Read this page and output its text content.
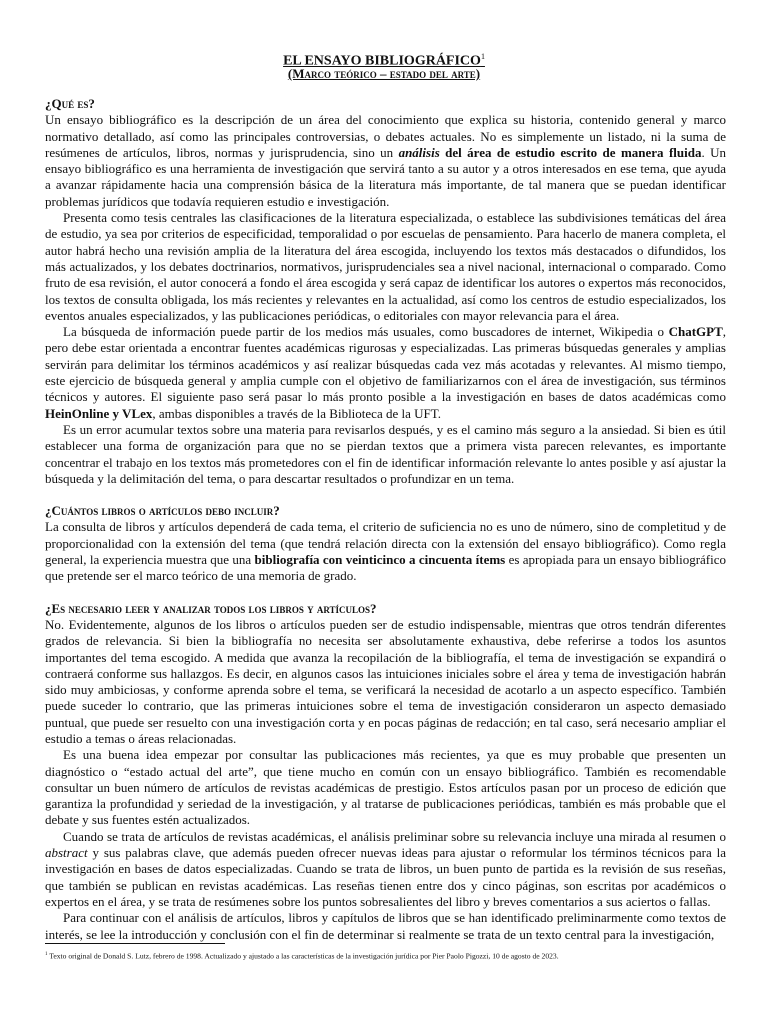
EL ENSAYO BIBLIOGRÁFICO$^1$
(Marco teórico – estado del arte)
¿Qué es?

Un ensayo bibliográfico es la descripción de un área del conocimiento que explica su historia, contenido general y marco normativo detallado, así como las principales controversias, o debates actuales. No es simplemente un listado, ni la suma de resúmenes de artículos, libros, normas y jurisprudencia, sino un análisis del área de estudio escrito de manera fluida. Un ensayo bibliográfico es una herramienta de investigación que servirá tanto a su autor y a otros interesados en ese tema, que ayuda a avanzar rápidamente hacia una comprensión básica de la literatura más importante, de tal manera que se puedan identificar problemas jurídicos que todavía requieren estudio e investigación.

Presenta como tesis centrales las clasificaciones de la literatura especializada, o establece las subdivisiones temáticas del área de estudio, ya sea por criterios de especificidad, temporalidad o por escuelas de pensamiento. Para hacerlo de manera completa, el autor habrá hecho una revisión amplia de la literatura del área escogida, incluyendo los textos más destacados o difundidos, los más actualizados, y los debates doctrinarios, normativos, jurisprudenciales sea a nivel nacional, internacional o comparado. Como fruto de esa revisión, el autor conocerá a fondo el área escogida y será capaz de identificar los autores o expertos más reconocidos, los textos de consulta obligada, los más recientes y relevantes en la actualidad, así como los centros de estudio especializados, los eventos anuales especializados, y las publicaciones periódicas, o editoriales con mayor relevancia para el área.

La búsqueda de información puede partir de los medios más usuales, como buscadores de internet, Wikipedia o ChatGPT, pero debe estar orientada a encontrar fuentes académicas rigurosas y especializadas. Las primeras búsquedas generales y amplias servirán para delimitar los términos académicos y así realizar búsquedas cada vez más acotadas y relevantes. Al mismo tiempo, este ejercicio de búsqueda general y amplia cumple con el objetivo de familiarizarnos con el área de investigación, sus términos técnicos y autores. El siguiente paso será pasar lo más pronto posible a la investigación en bases de datos académicas como HeinOnline y VLex, ambas disponibles a través de la Biblioteca de la UFT.

Es un error acumular textos sobre una materia para revisarlos después, y es el camino más seguro a la ansiedad. Si bien es útil establecer una forma de organización para que no se pierdan textos que a primera vista parecen relevantes, es importante concentrar el trabajo en los textos más prometedores con el fin de identificar información relevante lo antes posible y así ajustar la búsqueda y la delimitación del tema, o para descartar resultados o profundizar en un tema.

¿Cuántos libros o artículos debo incluir?

La consulta de libros y artículos dependerá de cada tema, el criterio de suficiencia no es uno de número, sino de completitud y de proporcionalidad con la extensión del tema (que tendrá relación directa con la extensión del ensayo bibliográfico). Como regla general, la experiencia muestra que una bibliografía con veinticinco a cincuenta ítems es apropiada para un ensayo bibliográfico que pretende ser el marco teórico de una memoria de grado.

¿Es necesario leer y analizar todos los libros y artículos?

No. Evidentemente, algunos de los libros o artículos pueden ser de estudio indispensable, mientras que otros tendrán diferentes grados de relevancia. Si bien la bibliografía no necesita ser absolutamente exhaustiva, debe referirse a todos los asuntos importantes del tema escogido. A medida que avanza la recopilación de la bibliografía, el tema de investigación se expandirá o contraerá conforme sus hallazgos. Es decir, en algunos casos las intuiciones iniciales sobre el área y tema de investigación habrán sido muy ambiciosas, y conforme aprenda sobre el tema, se verificará la necesidad de acotarlo a un aspecto específico. También puede suceder lo contrario, que las primeras intuiciones sobre el tema de investigación consideraron un aspecto demasiado puntual, que puede ser resuelto con una investigación corta y en pocas páginas de redacción; en tal caso, será necesario ampliar el estudio a temas o áreas relacionadas.

Es una buena idea empezar por consultar las publicaciones más recientes, ya que es muy probable que presenten un diagnóstico o “estado actual del arte”, que tiene mucho en común con un ensayo bibliográfico. También es recomendable consultar un buen número de artículos de revistas académicas de prestigio. Estos artículos pasan por un proceso de edición que garantiza la profundidad y seriedad de la investigación, y al tratarse de publicaciones periódicas, también es más probable que el debate y sus fuentes estén actualizados.

Cuando se trata de artículos de revistas académicas, el análisis preliminar sobre su relevancia incluye una mirada al resumen o abstract y sus palabras clave, que además pueden ofrecer nuevas ideas para ajustar o reformular los términos técnicos para la investigación en bases de datos especializadas. Cuando se trata de libros, un buen punto de partida es la revisión de sus reseñas, que también se publican en revistas académicas. Las reseñas tienen entre dos y cinco páginas, son escritas por académicos o expertos en el área, y se trata de resúmenes sobre los puntos sobresalientes del libro y breves comentarios a sus aciertos o fallas.

Para continuar con el análisis de artículos, libros y capítulos de libros que se han identificado preliminarmente como textos de interés, se lee la introducción y conclusión con el fin de determinar si realmente se trata de un texto central para la investigación,

$^1$ Texto original de Donald S. Lutz, febrero de 1998. Actualizado y ajustado a las características de la investigación jurídica por Pier Paolo Pigozzi, 10 de agosto de 2023.
